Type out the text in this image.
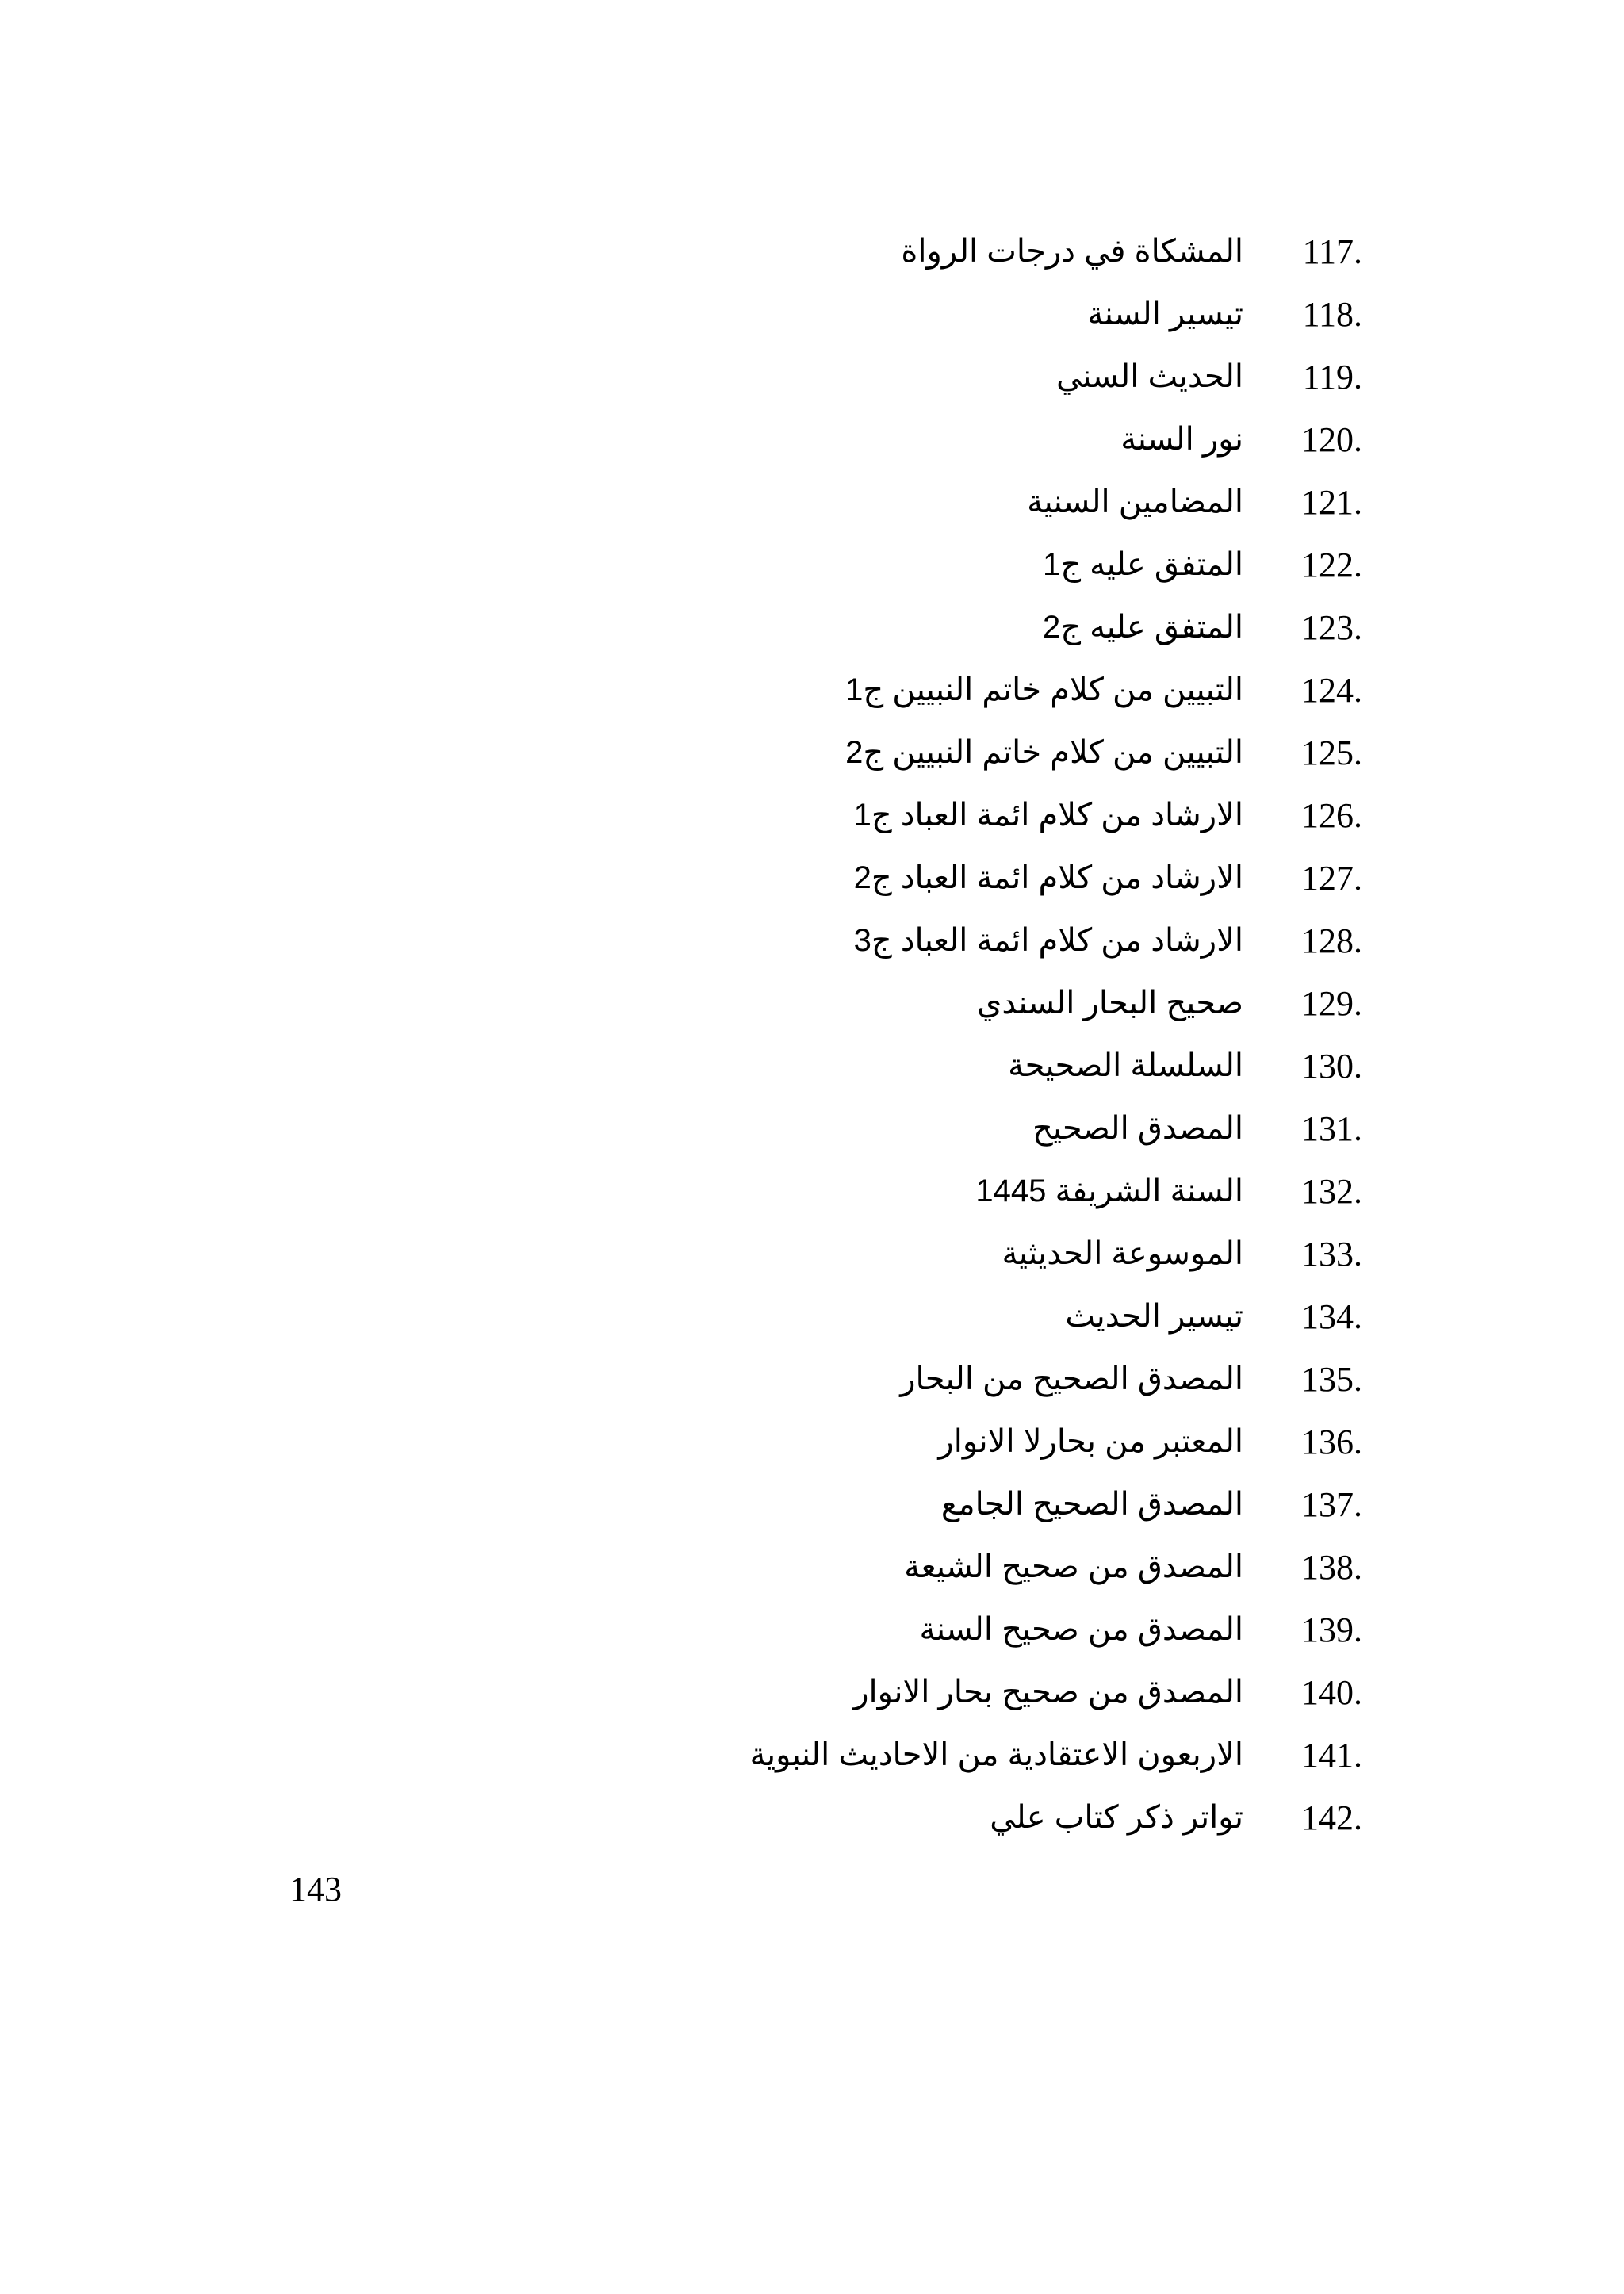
117.
المشكاة في درجات الرواة
118.
تيسير السنة
119.
الحديث السني
120.
نور السنة
121.
المضامين السنية
122.
المتفق عليه ج1
123.
المتفق عليه ج2
124.
التبيين من كلام خاتم النبيين ج1
125.
التبيين من كلام خاتم النبيين ج2
126.
الارشاد من كلام ائمة العباد ج1
127.
الارشاد من كلام ائمة العباد ج2
128.
الارشاد من كلام ائمة العباد ج3
129.
صحيح البحار السندي
130.
السلسلة الصحيحة
131.
المصدق الصحيح
132.
السنة الشريفة 1445
133.
الموسوعة الحديثية
134.
تيسير الحديث
135.
المصدق الصحيح من البحار
136.
المعتبر من بحارلا الانوار
137.
المصدق الصحيح الجامع
138.
المصدق من صحيح الشيعة
139.
المصدق من صحيح السنة
140.
المصدق من صحيح بحار الانوار
141.
الاربعون الاعتقادية من الاحاديث النبوية
142.
تواتر ذكر كتاب علي
143
